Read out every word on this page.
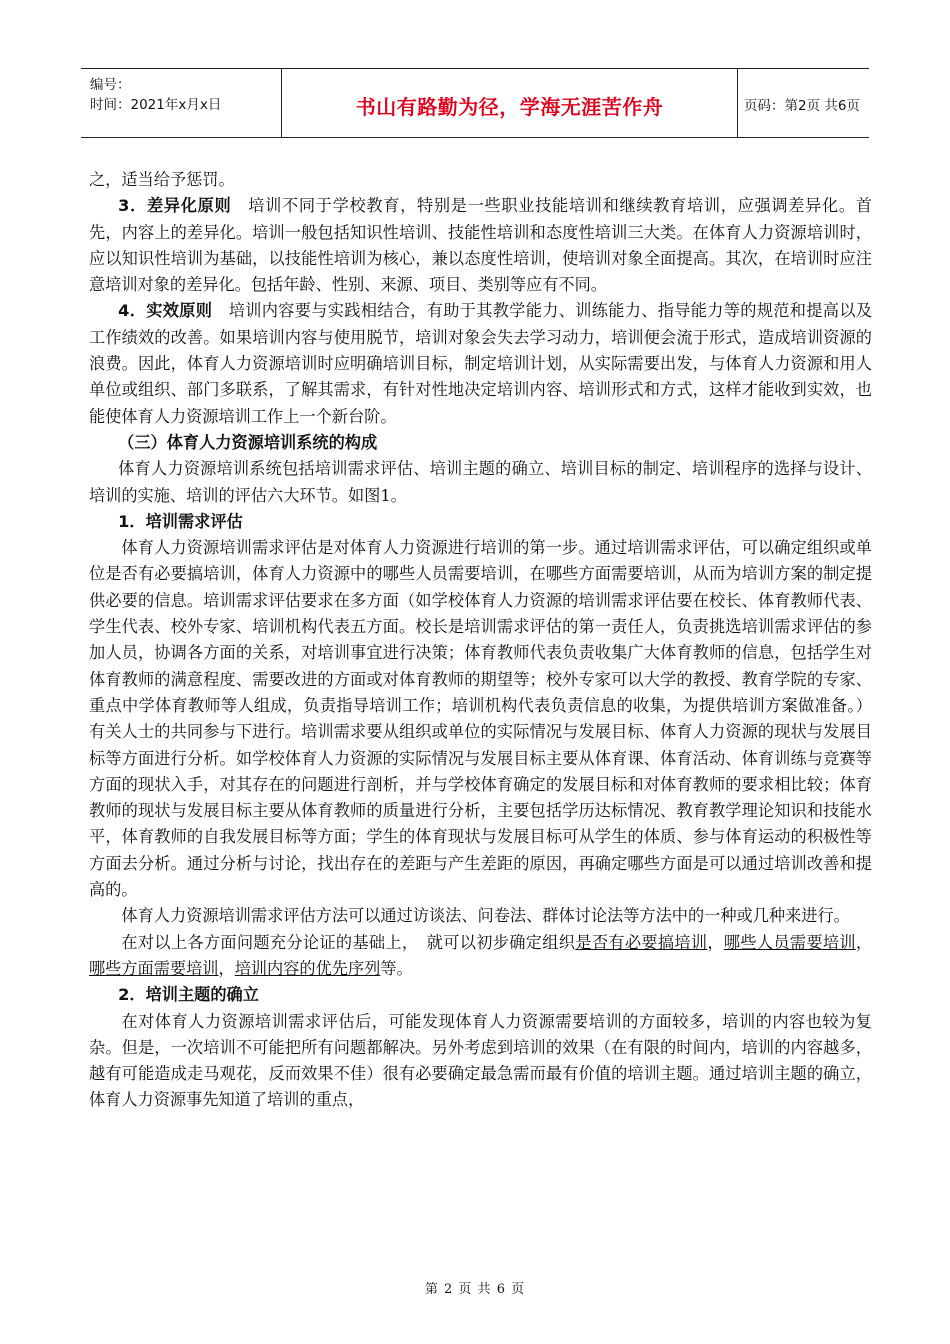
编号：
时间：2021年x月x日	书山有路勤为径，学海无涯苦作舟	页码：第2页 共6页

之，适当给予惩罚。

3．差异化原则　培训不同于学校教育，特别是一些职业技能培训和继续教育培训，应强调差异化。首先，内容上的差异化。培训一般包括知识性培训、技能性培训和态度性培训三大类。在体育人力资源培训时，应以知识性培训为基础，以技能性培训为核心，兼以态度性培训，使培训对象全面提高。其次，在培训时应注意培训对象的差异化。包括年龄、性别、来源、项目、类别等应有不同。

4．实效原则　培训内容要与实践相结合，有助于其教学能力、训练能力、指导能力等的规范和提高以及工作绩效的改善。如果培训内容与使用脱节，培训对象会失去学习动力，培训便会流于形式，造成培训资源的浪费。因此，体育人力资源培训时应明确培训目标，制定培训计划，从实际需要出发，与体育人力资源和用人单位或组织、部门多联系，了解其需求，有针对性地决定培训内容、培训形式和方式，这样才能收到实效，也能使体育人力资源培训工作上一个新台阶。

（三）体育人力资源培训系统的构成

体育人力资源培训系统包括培训需求评估、培训主题的确立、培训目标的制定、培训程序的选择与设计、培训的实施、培训的评估六大环节。如图1。

1．培训需求评估

体育人力资源培训需求评估是对体育人力资源进行培训的第一步。通过培训需求评估，可以确定组织或单位是否有必要搞培训，体育人力资源中的哪些人员需要培训，在哪些方面需要培训，从而为培训方案的制定提供必要的信息。培训需求评估要求在多方面（如学校体育人力资源的培训需求评估要在校长、体育教师代表、学生代表、校外专家、培训机构代表五方面。校长是培训需求评估的第一责任人，负责挑选培训需求评估的参加人员，协调各方面的关系，对培训事宜进行决策；体育教师代表负责收集广大体育教师的信息，包括学生对体育教师的满意程度、需要改进的方面或对体育教师的期望等；校外专家可以大学的教授、教育学院的专家、重点中学体育教师等人组成，负责指导培训工作；培训机构代表负责信息的收集，为提供培训方案做准备。）有关人士的共同参与下进行。培训需求要从组织或单位的实际情况与发展目标、体育人力资源的现状与发展目标等方面进行分析。如学校体育人力资源的实际情况与发展目标主要从体育课、体育活动、体育训练与竞赛等方面的现状入手，对其存在的问题进行剖析，并与学校体育确定的发展目标和对体育教师的要求相比较；体育教师的现状与发展目标主要从体育教师的质量进行分析，主要包括学历达标情况、教育教学理论知识和技能水平，体育教师的自我发展目标等方面；学生的体育现状与发展目标可从学生的体质、参与体育运动的积极性等方面去分析。通过分析与讨论，找出存在的差距与产生差距的原因，再确定哪些方面是可以通过培训改善和提高的。

体育人力资源培训需求评估方法可以通过访谈法、问卷法、群体讨论法等方法中的一种或几种来进行。

在对以上各方面问题充分论证的基础上，　就可以初步确定组织是否有必要搞培训，哪些人员需要培训，哪些方面需要培训，培训内容的优先序列等。

2．培训主题的确立

在对体育人力资源培训需求评估后，可能发现体育人力资源需要培训的方面较多，培训的内容也较为复杂。但是，一次培训不可能把所有问题都解决。另外考虑到培训的效果（在有限的时间内，培训的内容越多，越有可能造成走马观花，反而效果不佳）很有必要确定最急需而最有价值的培训主题。通过培训主题的确立，体育人力资源事先知道了培训的重点，

第 2 页 共 6 页
